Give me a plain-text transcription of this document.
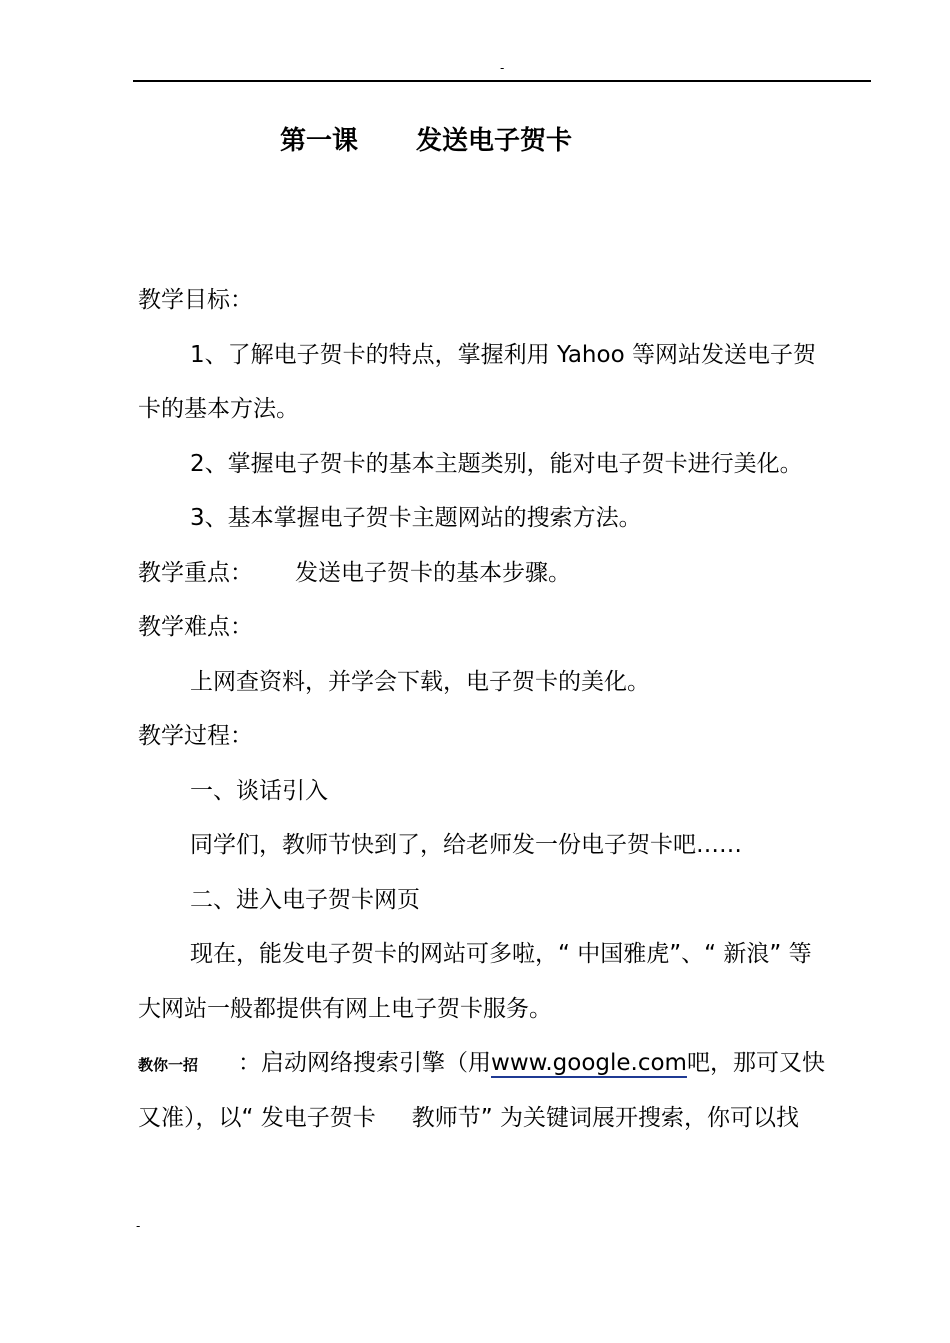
-
第一课 发送电子贺卡
教学目标：
1、了解电子贺卡的特点，掌握利用 Yahoo 等网站发送电子贺
卡的基本方法。
2、掌握电子贺卡的基本主题类别，能对电子贺卡进行美化。
3、基本掌握电子贺卡主题网站的搜索方法。
教学重点： 发送电子贺卡的基本步骤。
教学难点：
上网查资料，并学会下载，电子贺卡的美化。
教学过程：
一、谈话引入
同学们，教师节快到了，给老师发一份电子贺卡吧……
二、进入电子贺卡网页
现在，能发电子贺卡的网站可多啦，“ 中国雅虎”、“ 新浪” 等
大网站一般都提供有网上电子贺卡服务。
教你一招 ：启动网络搜索引擎（用www.google.com吧，那可又快
又准），以“ 发电子贺卡 教师节” 为关键词展开搜索，你可以找
-
